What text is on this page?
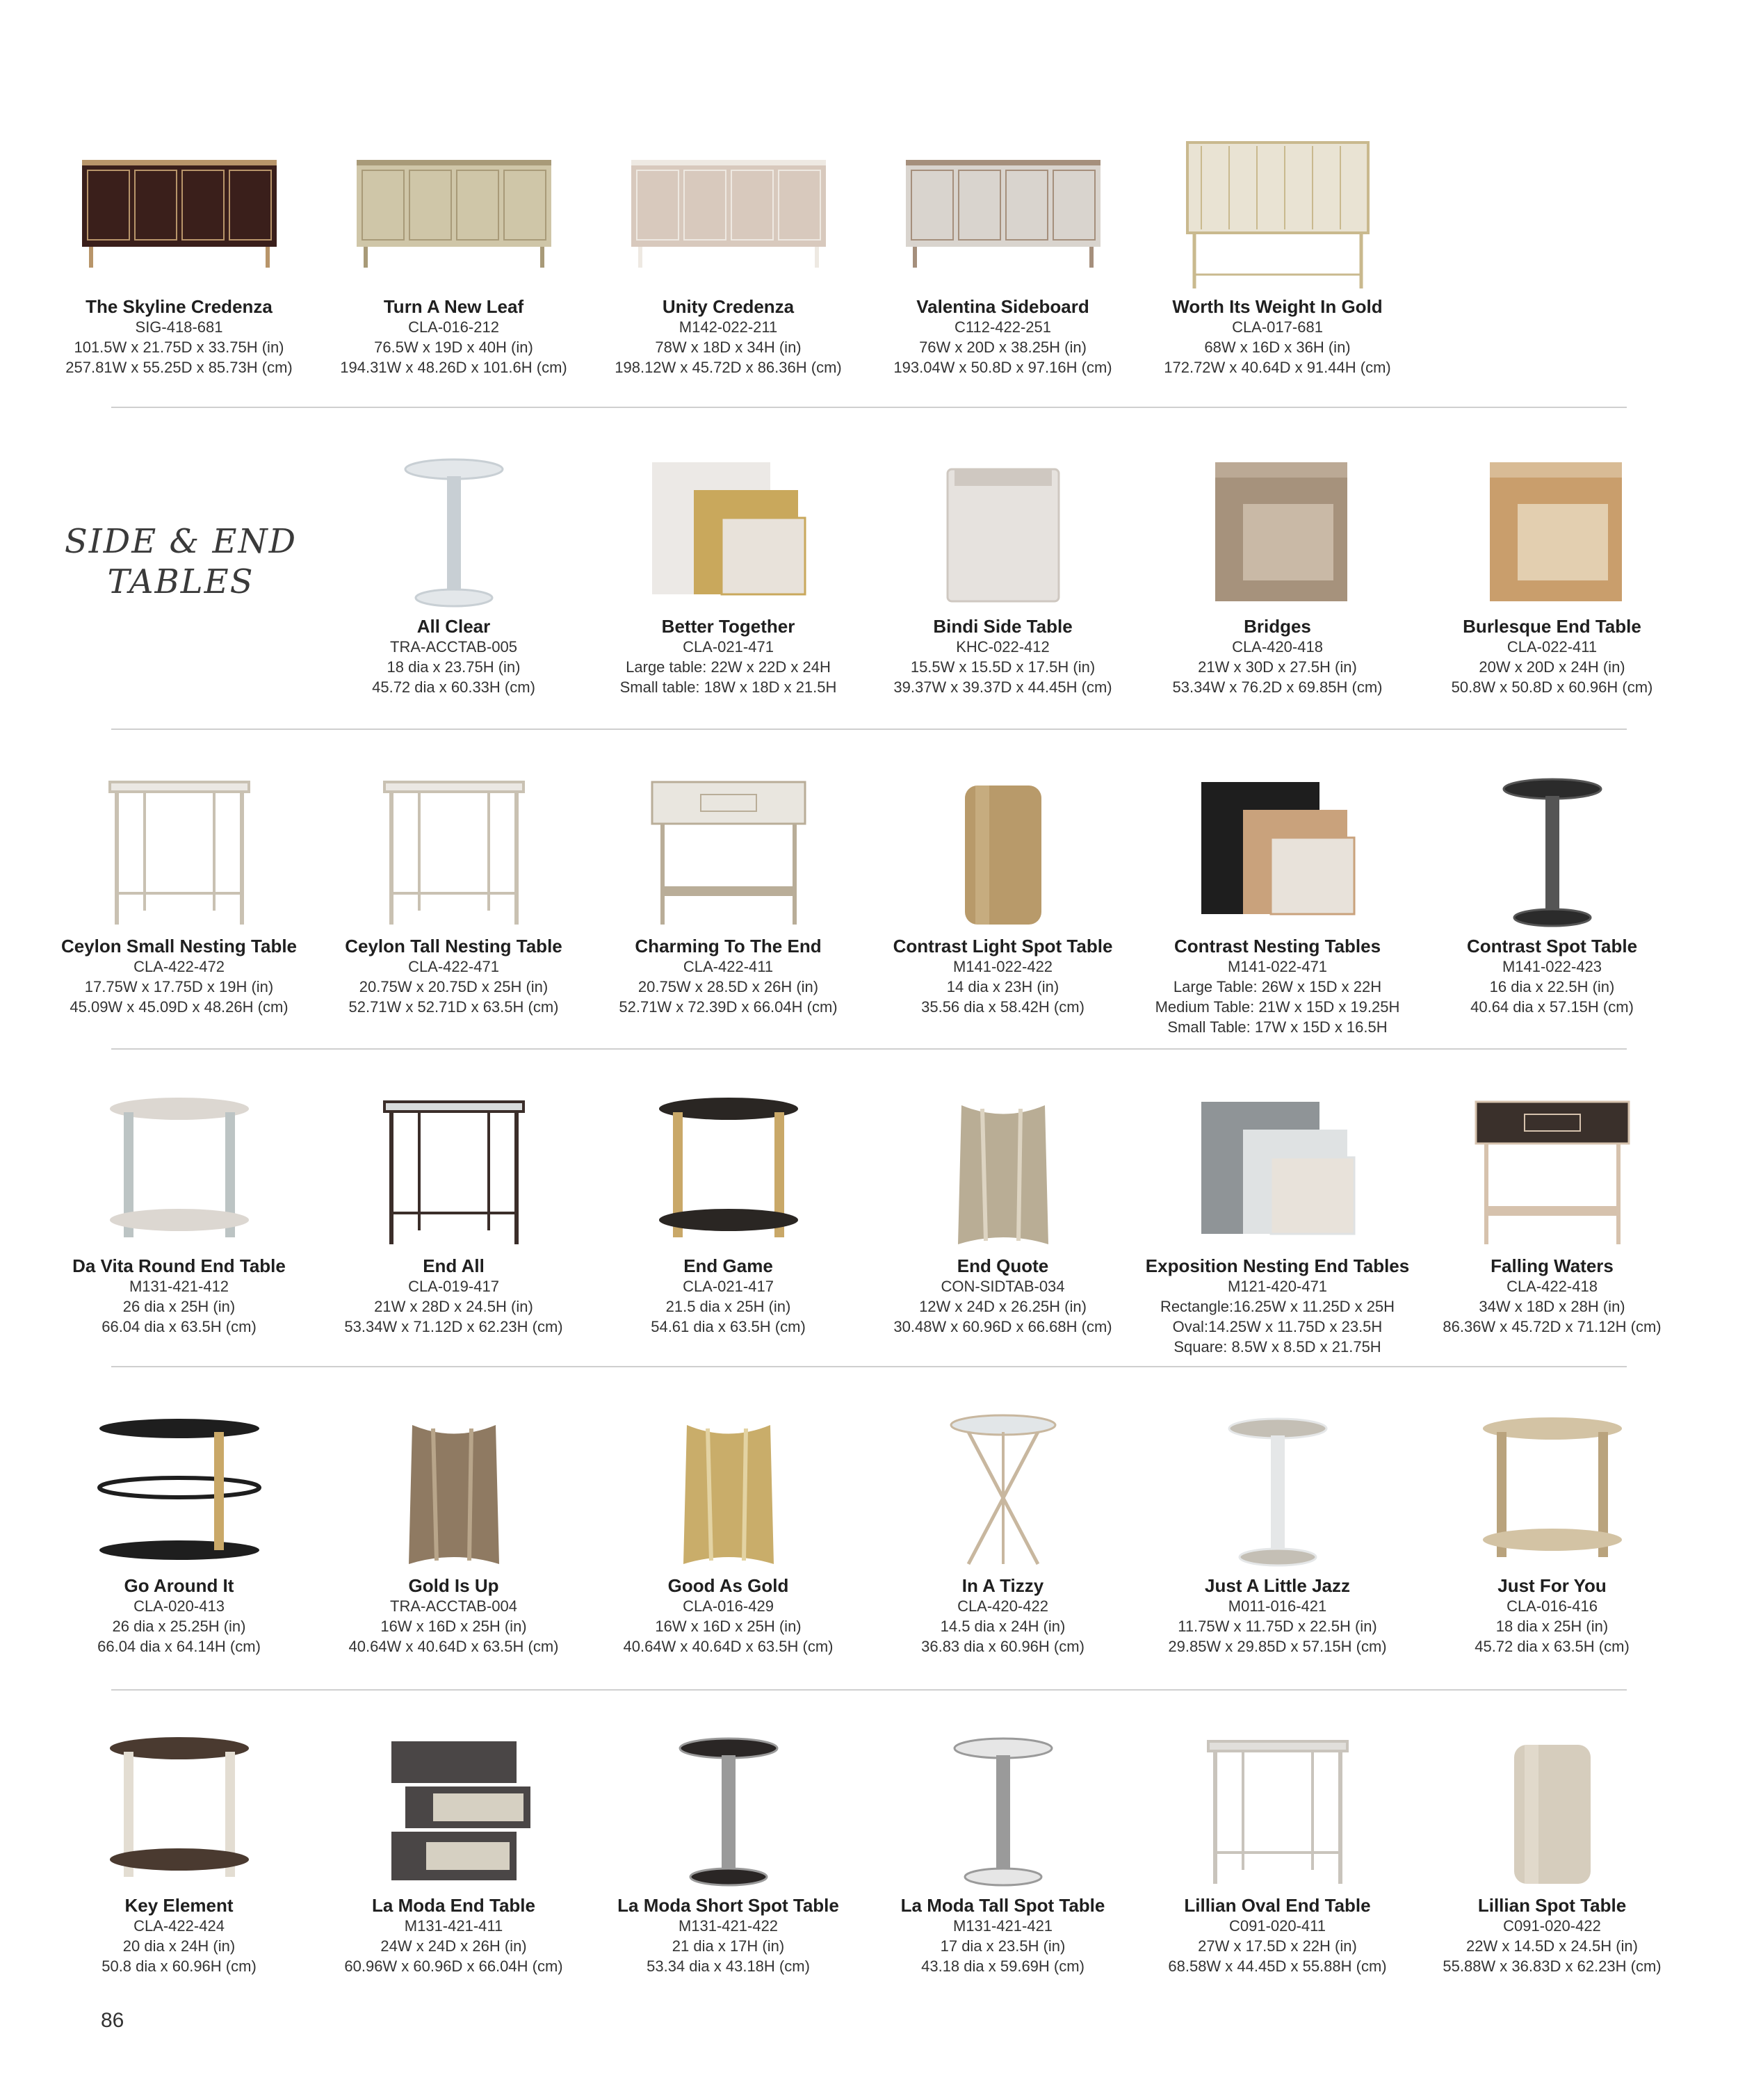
SIDE & END
TABLES
The Skyline Credenza
SIG-418-681
101.5W x 21.75D x 33.75H (in)
257.81W x 55.25D x 85.73H (cm)
Turn A New Leaf
CLA-016-212
76.5W x 19D x 40H (in)
194.31W x 48.26D x 101.6H (cm)
Unity Credenza
M142-022-211
78W x 18D x 34H (in)
198.12W x 45.72D x 86.36H (cm)
Valentina Sideboard
C112-422-251
76W x 20D x 38.25H (in)
193.04W x 50.8D x 97.16H (cm)
Worth Its Weight In Gold
CLA-017-681
68W x 16D x 36H (in)
172.72W x 40.64D x 91.44H (cm)
All Clear
TRA-ACCTAB-005
18 dia x 23.75H (in)
45.72 dia x 60.33H (cm)
Better Together
CLA-021-471
Large table: 22W x 22D x 24H
Small table: 18W x 18D x 21.5H
Bindi Side Table
KHC-022-412
15.5W x 15.5D x 17.5H (in)
39.37W x 39.37D x 44.45H (cm)
Bridges
CLA-420-418
21W x 30D x 27.5H (in)
53.34W x 76.2D x 69.85H (cm)
Burlesque End Table
CLA-022-411
20W x 20D x 24H (in)
50.8W x 50.8D x 60.96H (cm)
Ceylon Small Nesting Table
CLA-422-472
17.75W x 17.75D x 19H (in)
45.09W x 45.09D x 48.26H (cm)
Ceylon Tall Nesting Table
CLA-422-471
20.75W x 20.75D x 25H (in)
52.71W x 52.71D x 63.5H (cm)
Charming To The End
CLA-422-411
20.75W x 28.5D x 26H (in)
52.71W x 72.39D x 66.04H (cm)
Contrast Light Spot Table
M141-022-422
14 dia x 23H (in)
35.56 dia x 58.42H (cm)
Contrast Nesting Tables
M141-022-471
Large Table: 26W x 15D x 22H
Medium Table: 21W x 15D x 19.25H
Small Table: 17W x 15D x 16.5H
Contrast Spot Table
M141-022-423
16 dia x 22.5H (in)
40.64 dia x 57.15H (cm)
Da Vita Round End Table
M131-421-412
26 dia x 25H (in)
66.04 dia x 63.5H (cm)
End All
CLA-019-417
21W x 28D x 24.5H (in)
53.34W x 71.12D x 62.23H (cm)
End Game
CLA-021-417
21.5 dia x 25H (in)
54.61 dia x 63.5H (cm)
End Quote
CON-SIDTAB-034
12W x 24D x 26.25H (in)
30.48W x 60.96D x 66.68H (cm)
Exposition Nesting End Tables
M121-420-471
Rectangle:16.25W x 11.25D x 25H
Oval:14.25W x 11.75D x 23.5H
Square: 8.5W x 8.5D x 21.75H
Falling Waters
CLA-422-418
34W x 18D x 28H (in)
86.36W x 45.72D x 71.12H (cm)
Go Around It
CLA-020-413
26 dia x 25.25H (in)
66.04 dia x 64.14H (cm)
Gold Is Up
TRA-ACCTAB-004
16W x 16D x 25H (in)
40.64W x 40.64D x 63.5H (cm)
Good As Gold
CLA-016-429
16W x 16D x 25H (in)
40.64W x 40.64D x 63.5H (cm)
In A Tizzy
CLA-420-422
14.5 dia x 24H (in)
36.83 dia x 60.96H (cm)
Just A Little Jazz
M011-016-421
11.75W x 11.75D x 22.5H (in)
29.85W x 29.85D x 57.15H (cm)
Just For You
CLA-016-416
18 dia x 25H (in)
45.72 dia x 63.5H (cm)
Key Element
CLA-422-424
20 dia x 24H (in)
50.8 dia x 60.96H (cm)
La Moda End Table
M131-421-411
24W x 24D x 26H (in)
60.96W x 60.96D x 66.04H (cm)
La Moda Short Spot Table
M131-421-422
21 dia x 17H (in)
53.34 dia x 43.18H (cm)
La Moda Tall Spot Table
M131-421-421
17 dia x 23.5H (in)
43.18 dia x 59.69H (cm)
Lillian Oval End Table
C091-020-411
27W x 17.5D x 22H (in)
68.58W x 44.45D x 55.88H (cm)
Lillian Spot Table
C091-020-422
22W x 14.5D x 24.5H (in)
55.88W x 36.83D x 62.23H (cm)
86
